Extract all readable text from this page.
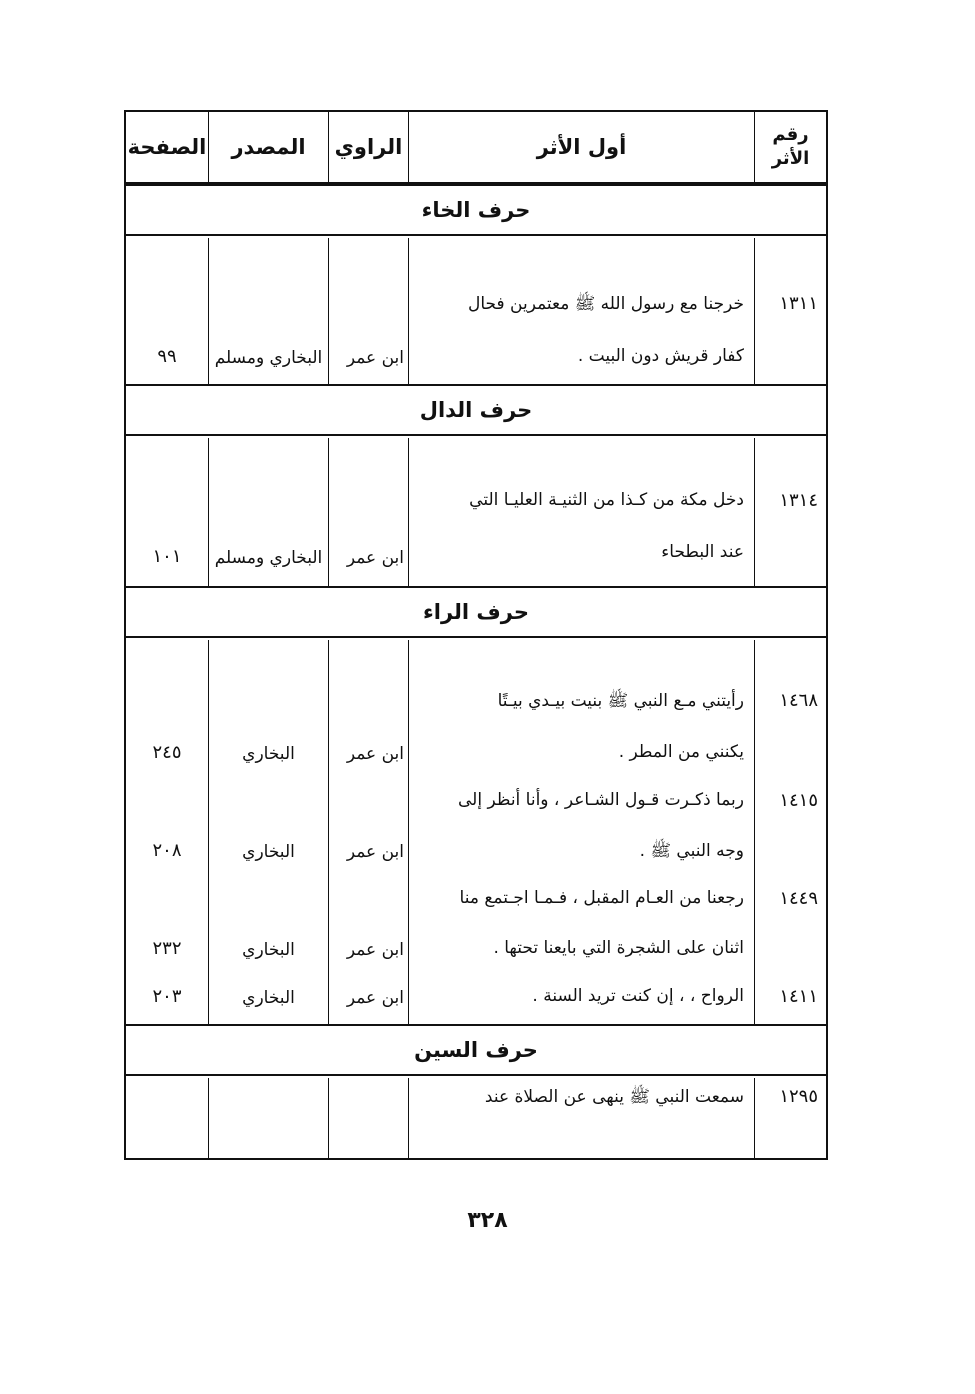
رقم
الأثر
أول الأثر
الراوي
المصدر
الصفحة
حرف الخاء
١٣١١
خرجنا مع رسول الله ﷺ معتمرين فحال
كفار قريش دون البيت .
ابن عمر
البخاري ومسلم
٩٩
حرف الدال
١٣١٤
دخل مكة من كـذا من الثنيـة العليـا التي
عند البطحاء
ابن عمر
البخاري ومسلم
١٠١
حرف الراء
١٤٦٨
١٤١٥
١٤٤٩
١٤١١
رأيتني مـع النبي ﷺ بنيت بيـدي بيـتًا
يكنني من المطر .
ربما ذكـرت قـول الشـاعر ، وأنا أنظر إلى
وجه النبي ﷺ .
رجعنا من العـام المقبل ، فـمـا اجـتمع منا
اثنان على الشجرة التي بايعنا تحتها .
الرواح ، ، إن كنت تريد السنة .
ابن عمر
ابن عمر
ابن عمر
ابن عمر
البخاري
البخاري
البخاري
البخاري
٢٤٥
٢٠٨
٢٣٢
٢٠٣
حرف السين
١٢٩٥
سمعت النبي ﷺ ينهى عن الصلاة عند
٣٢٨
